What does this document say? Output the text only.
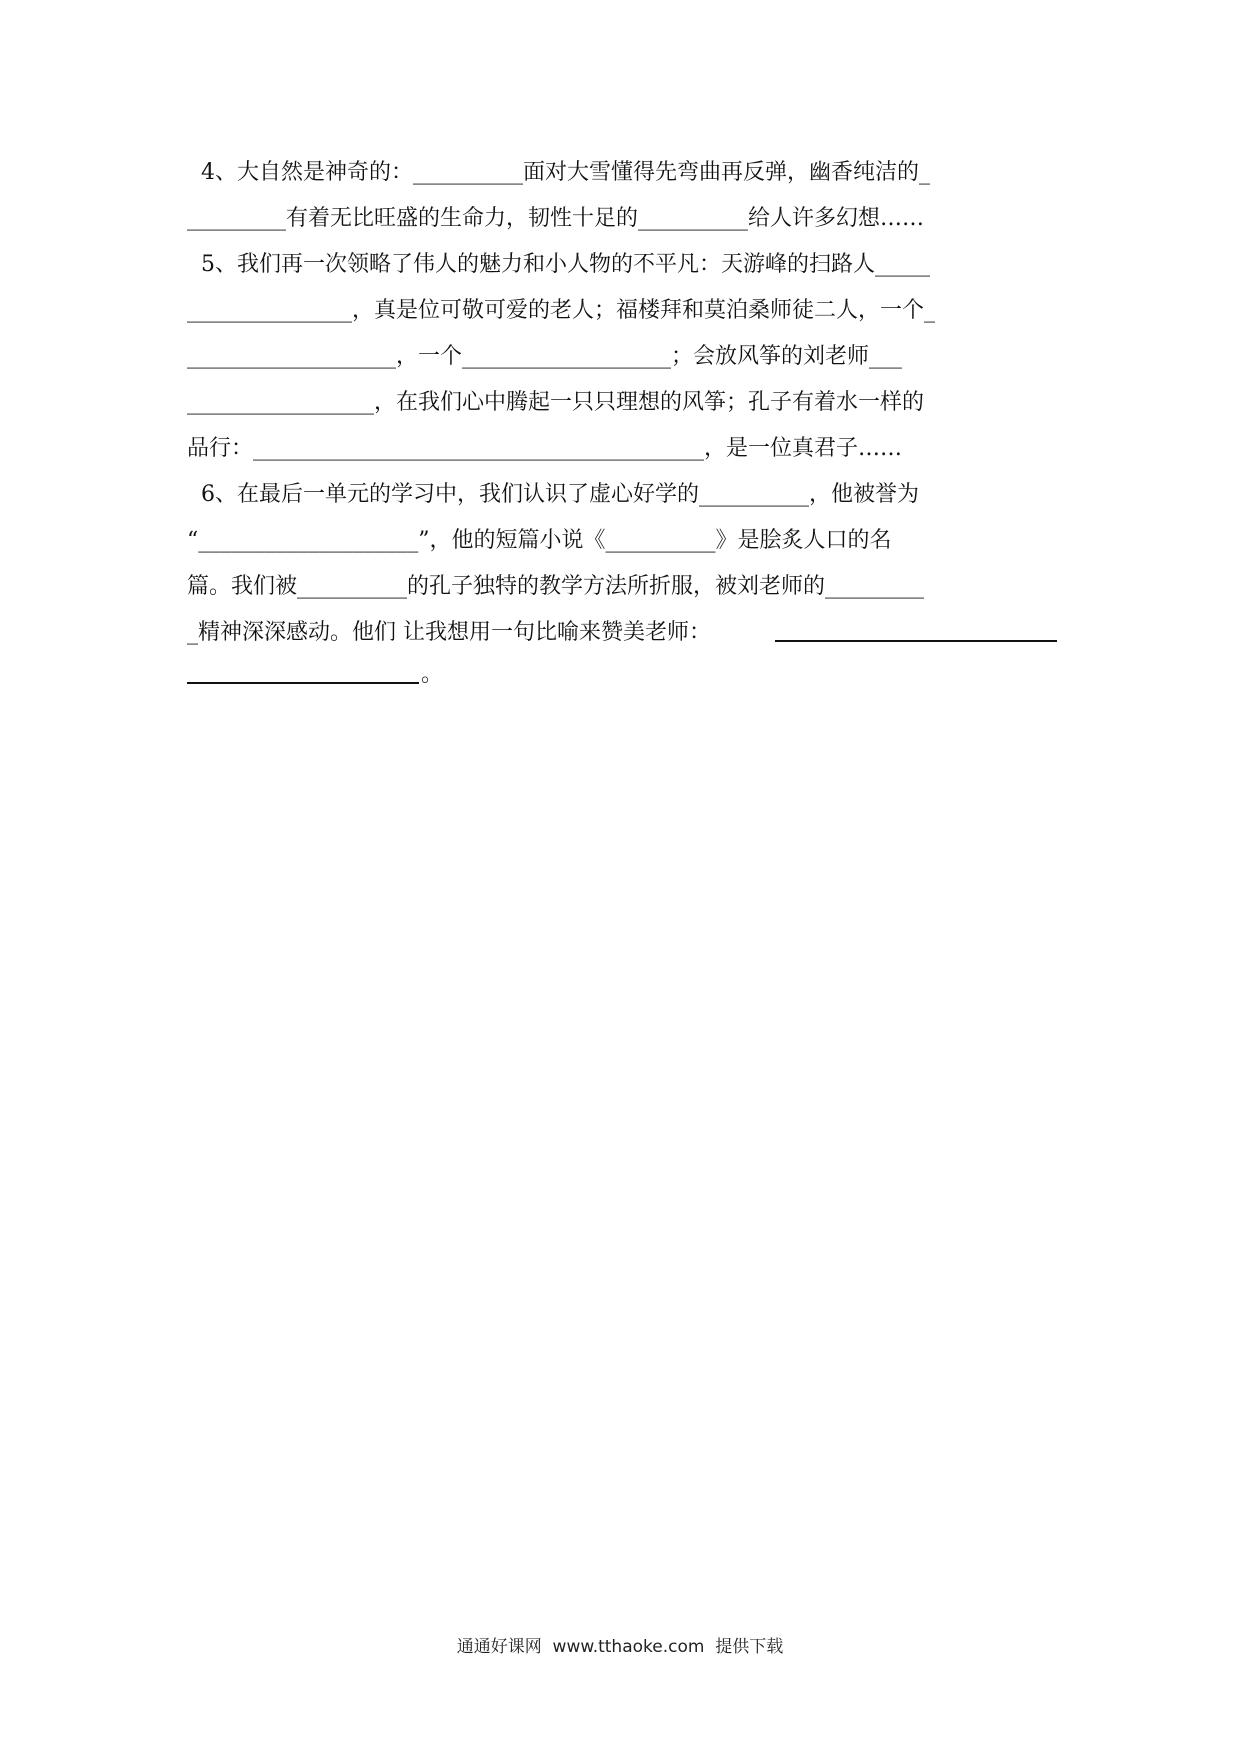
4、大自然是神奇的：__________面对大雪懂得先弯曲再反弹，幽香纯洁的_
_________有着无比旺盛的生命力，韧性十足的__________给人许多幻想……
5、我们再一次领略了伟人的魅力和小人物的不平凡：天游峰的扫路人_____
_______________，真是位可敬可爱的老人；福楼拜和莫泊桑师徒二人，一个_
___________________，一个___________________；会放风筝的刘老师___
_________________，在我们心中腾起一只只理想的风筝；孔子有着水一样的
品行：_________________________________________，是一位真君子……
6、在最后一单元的学习中，我们认识了虚心好学的__________，他被誉为
“____________________”，他的短篇小说《__________》是脍炙人口的名
篇。我们被__________的孔子独特的教学方法所折服，被刘老师的_________
_精神深深感动。他们 让我想用一句比喻来赞美老师：
。
通通好课网  www.tthaoke.com  提供下载
